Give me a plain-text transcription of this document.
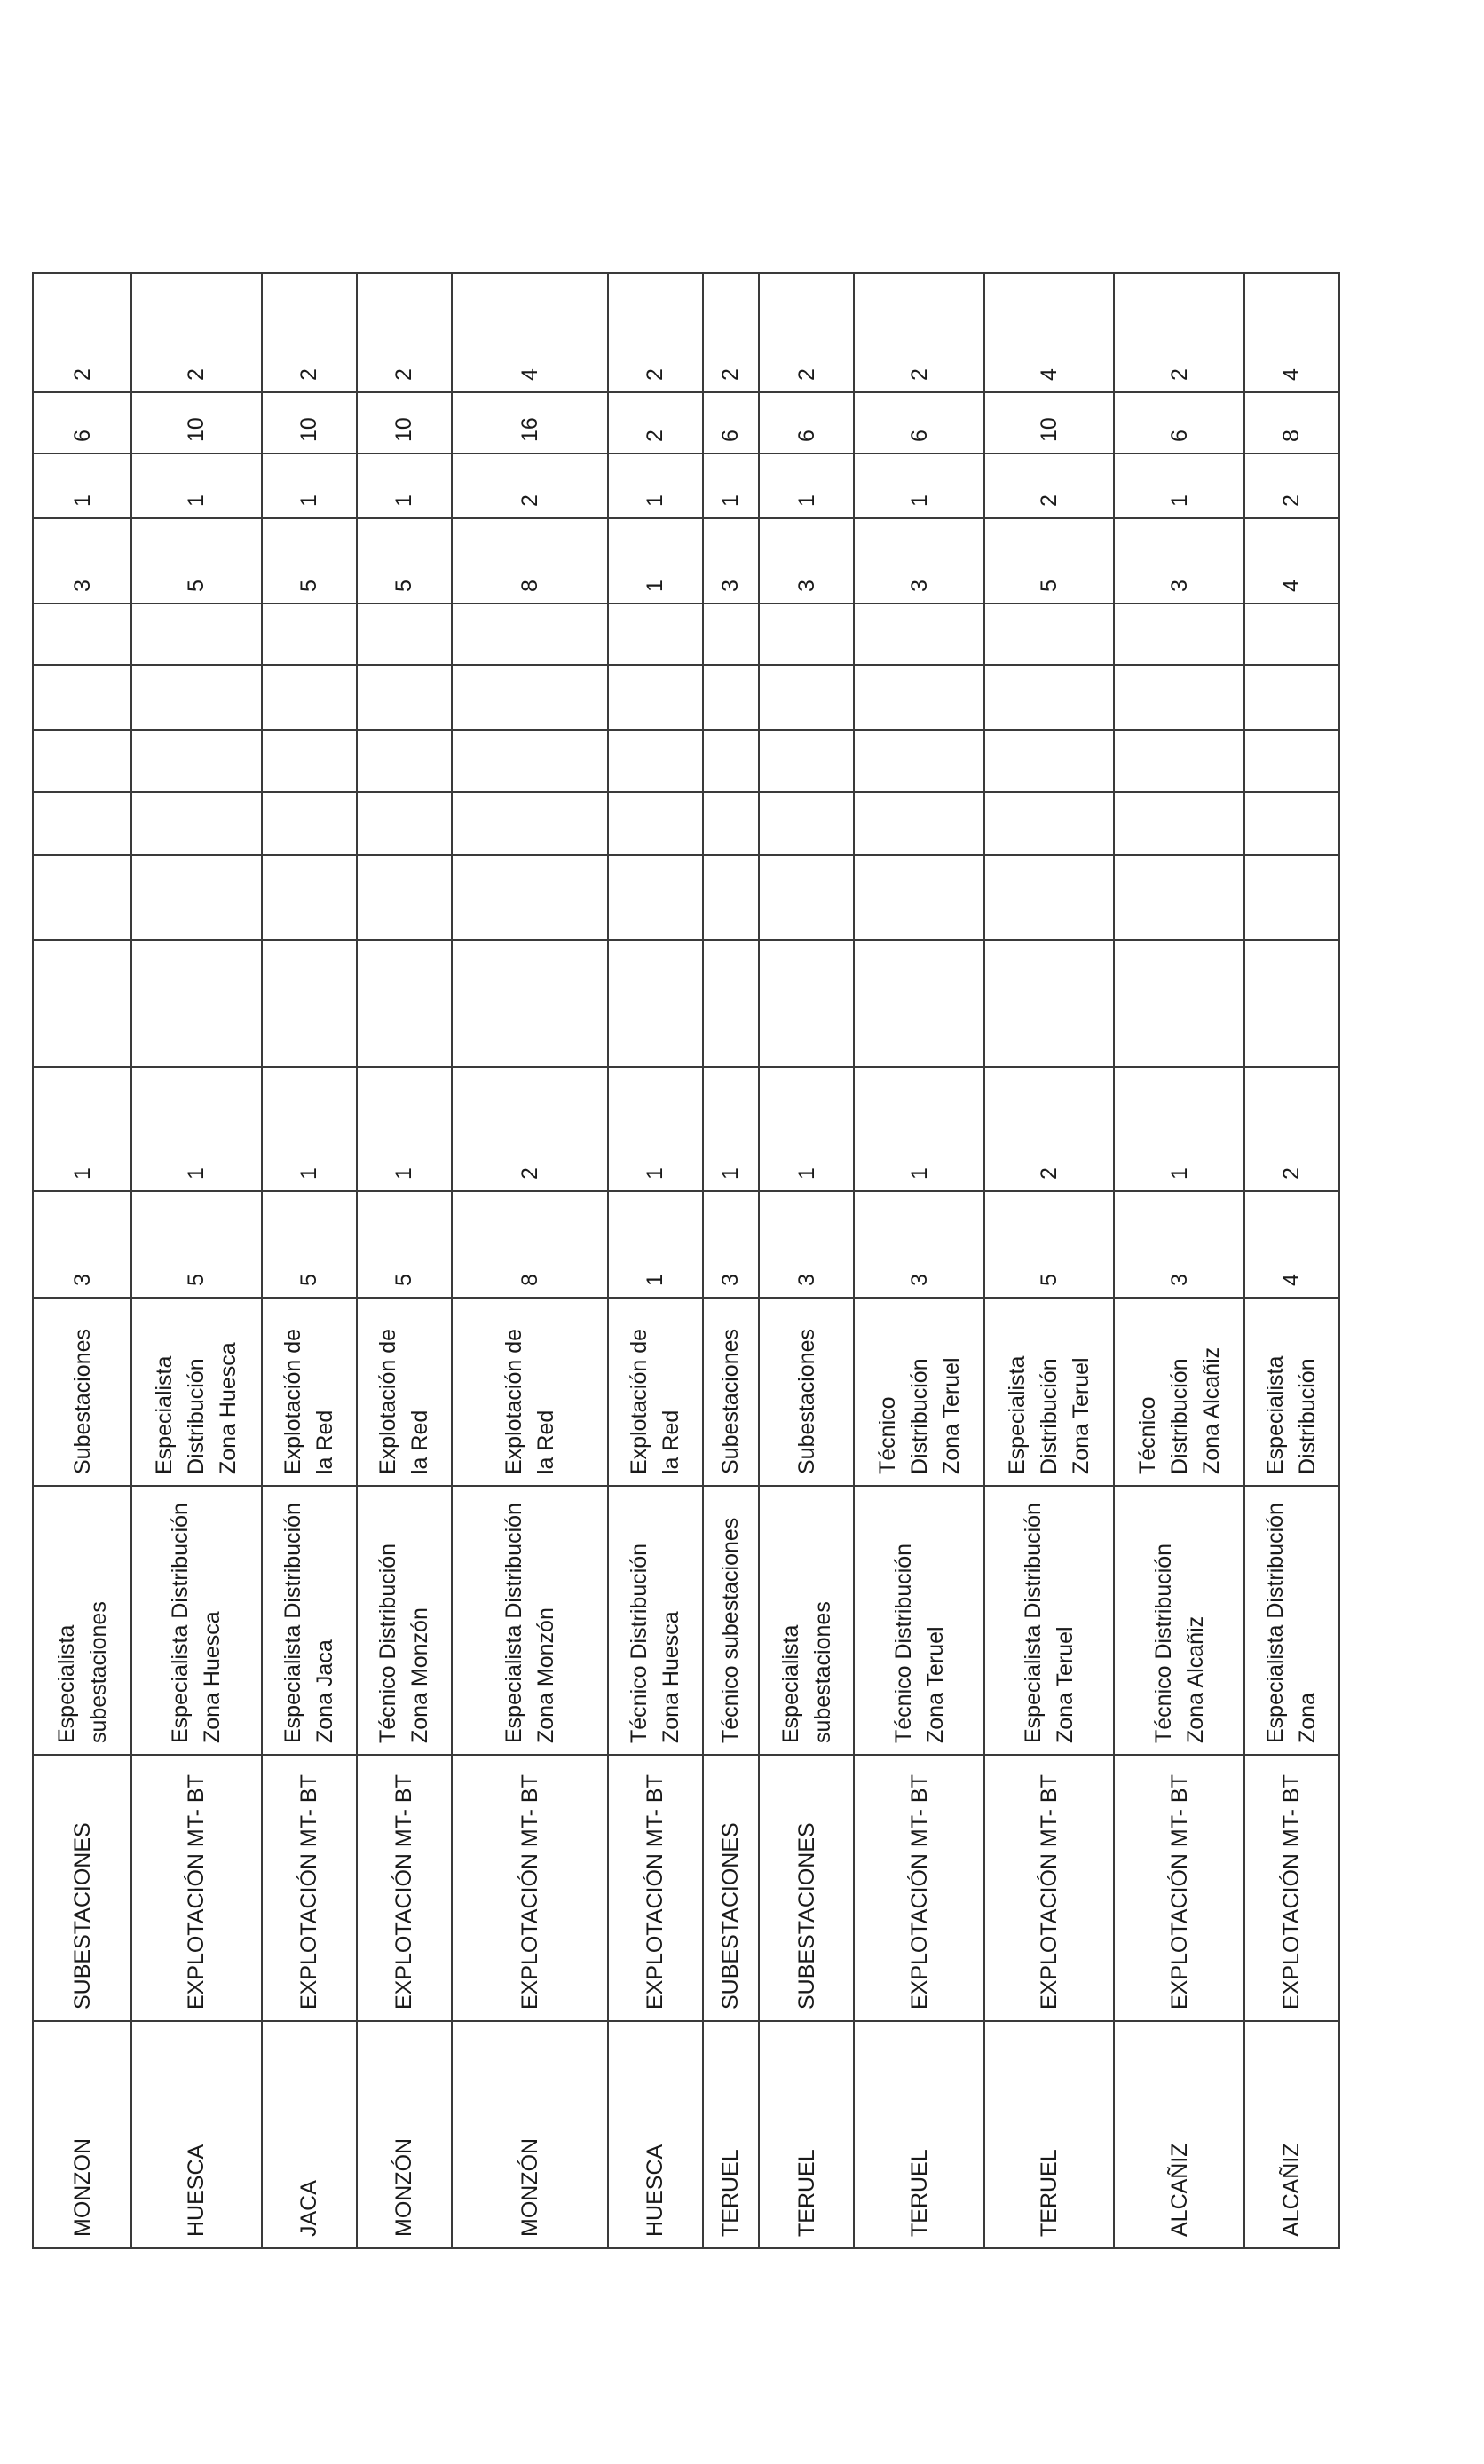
MONZON	SUBESTACIONES	Especialista subestaciones	Subestaciones	3	1							3	1	6	2
HUESCA	EXPLOTACIÓN MT- BT	Especialista Distribución Zona Huesca	Especialista Distribución Zona Huesca	5	1							5	1	10	2
JACA	EXPLOTACIÓN MT- BT	Especialista Distribución Zona Jaca	Explotación de la Red	5	1							5	1	10	2
MONZÓN	EXPLOTACIÓN MT- BT	Técnico Distribución Zona Monzón	Explotación de la Red	5	1							5	1	10	2
MONZÓN	EXPLOTACIÓN MT- BT	Especialista Distribución Zona Monzón	Explotación de la Red	8	2							8	2	16	4
HUESCA	EXPLOTACIÓN MT- BT	Técnico Distribución Zona Huesca	Explotación de la Red	1	1							1	1	2	2
TERUEL	SUBESTACIONES	Técnico subestaciones	Subestaciones	3	1							3	1	6	2
TERUEL	SUBESTACIONES	Especialista subestaciones	Subestaciones	3	1							3	1	6	2
TERUEL	EXPLOTACIÓN MT- BT	Técnico Distribución Zona Teruel	Técnico Distribución Zona Teruel	3	1							3	1	6	2
TERUEL	EXPLOTACIÓN MT- BT	Especialista Distribución Zona Teruel	Especialista Distribución Zona Teruel	5	2							5	2	10	4
ALCAÑIZ	EXPLOTACIÓN MT- BT	Técnico Distribución Zona Alcañiz	Técnico Distribución Zona Alcañiz	3	1							3	1	6	2
ALCAÑIZ	EXPLOTACIÓN MT- BT	Especialista Distribución Zona	Especialista Distribución	4	2							4	2	8	4
